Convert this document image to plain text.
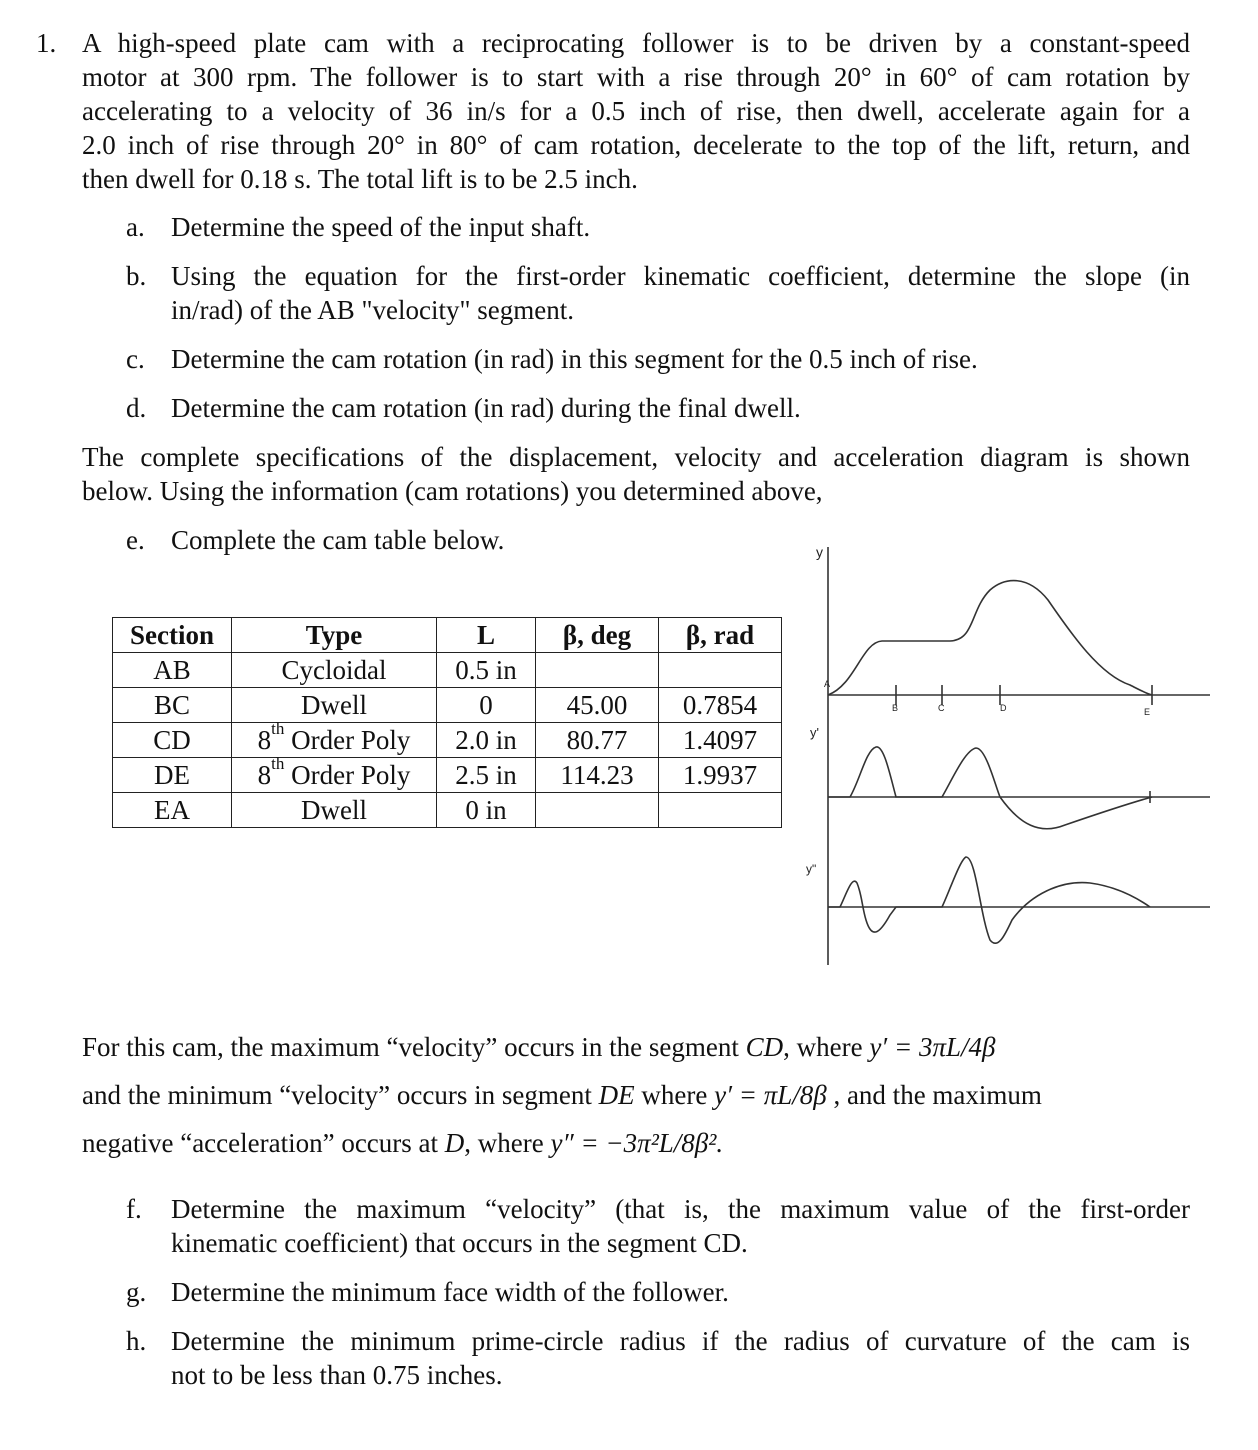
1. A high-speed plate cam with a reciprocating follower is to be driven by a constant-speed
motor at 300 rpm. The follower is to start with a rise through 20° in 60° of cam rotation by
accelerating to a velocity of 36 in/s for a 0.5 inch of rise, then dwell, accelerate again for a
2.0 inch of rise through 20° in 80° of cam rotation, decelerate to the top of the lift, return, and
then dwell for 0.18 s. The total lift is to be 2.5 inch.
a. Determine the speed of the input shaft.
b. Using the equation for the first-order kinematic coefficient, determine the slope (in
in/rad) of the AB "velocity" segment.
c. Determine the cam rotation (in rad) in this segment for the 0.5 inch of rise.
d. Determine the cam rotation (in rad) during the final dwell.
The complete specifications of the displacement, velocity and acceleration diagram is shown
below. Using the information (cam rotations) you determined above,
e. Complete the cam table below.
Section	Type	L	β, deg	β, rad
AB	Cycloidal	0.5 in		
BC	Dwell	0	45.00	0.7854
CD	8th Order Poly	2.0 in	80.77	1.4097
DE	8th Order Poly	2.5 in	114.23	1.9937
EA	Dwell	0 in		
y
y'
y"
A
B	C	D	E
For this cam, the maximum “velocity” occurs in the segment CD, where y′ = 3πL/4β
and the minimum “velocity” occurs in segment DE where y′ = πL/8β , and the maximum
negative “acceleration” occurs at D, where y″ = −3π²L/8β².
f. Determine the maximum “velocity” (that is, the maximum value of the first-order
kinematic coefficient) that occurs in the segment CD.
g. Determine the minimum face width of the follower.
h. Determine the minimum prime-circle radius if the radius of curvature of the cam is
not to be less than 0.75 inches.
